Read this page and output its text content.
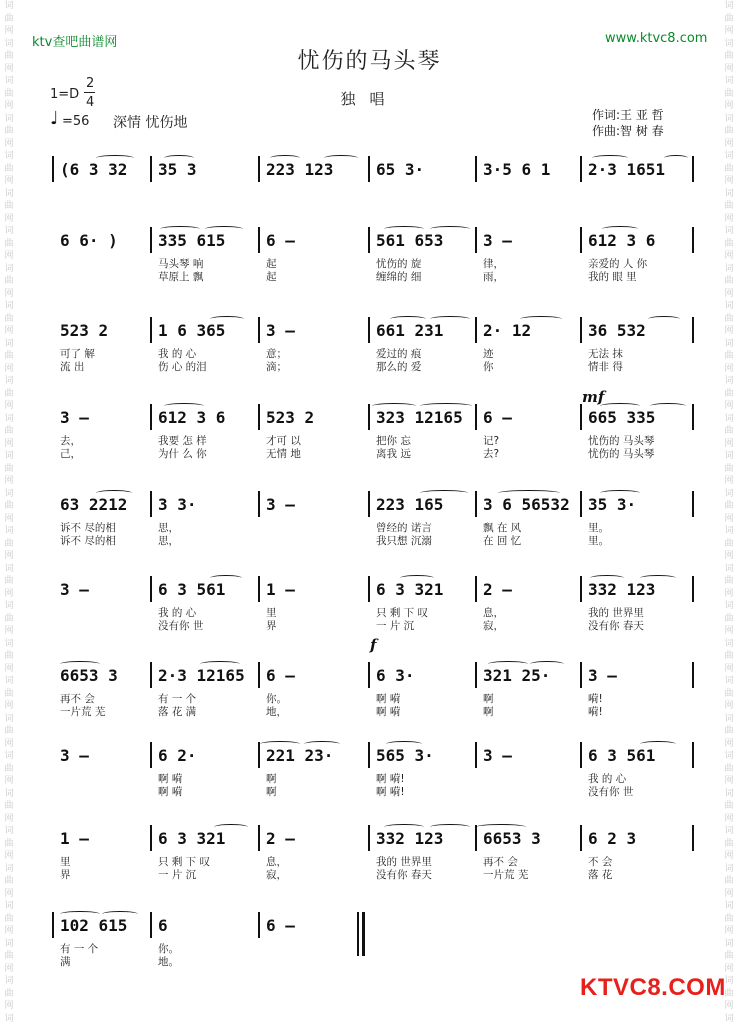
词
曲
网
词
曲
网
词
曲
网
词
曲
网
词
曲
网
词
曲
网
词
曲
网
词
曲
网
词
曲
网
词
曲
网
词
曲
网
词
曲
网
词
曲
网
词
曲
网
词
曲
网
词
曲
网
词
曲
网
词
曲
网
词
曲
网
词
曲
网
词
曲
网
词
曲
网
词
曲
网
词
曲
网
词
曲
网
词
曲
网
词
曲
网
词
词
曲
网
词
曲
网
词
曲
网
词
曲
网
词
曲
网
词
曲
网
词
曲
网
词
曲
网
词
曲
网
词
曲
网
词
曲
网
词
曲
网
词
曲
网
词
曲
网
词
曲
网
词
曲
网
词
曲
网
词
曲
网
词
曲
网
词
曲
网
词
曲
网
词
曲
网
词
曲
网
词
曲
网
词
曲
网
词
曲
网
词
曲
网
词
ktv查吧曲谱网	www.ktvc8.com
忧伤的马头琴
独唱
1=D
2
4
♩ =56 深情 忧伤地	作词:王 亚 哲
作曲:智 树 春
(6 3 32 35 3	223 123	65 3·	3·5 6 1 2·3 1651
6 6· )	335 615
马头琴 响
草原上 飘
6 –
起
起
561 653
忧伤的 旋
缠绵的 细
3 –
律，
雨，
612 3 6
亲爱的 人 你
我的 眼 里
523 2
可了 解
流 出
1 6 365
我 的 心
伤 心 的泪
3 –
意；
滴；
661 231
爱过的 痕
那么的 爱
2· 12
迹
你
36 532
无法 抹
情非 得
3 –
去，
己，
612 3 6
我要 怎 样
为什 么 你
523 2
才可 以
无情 地
323 12165
把你 忘
离我 远
6 –
记?
去?
665 335
忧伤的 马头琴
忧伤的 马头琴
63 2212
诉不 尽的相
诉不 尽的相
3 3·
思，
思，
3 –	223 165
曾经的 诺言
我只想 沉溺
3 6 56532
飘 在 风
在 回 忆
35 3·
里。
里。
3 –	6 3 561
我 的 心
没有你 世
1 –
里
界
6 3 321
只 剩 下 叹
一 片 沉
2 –
息，
寂，
332 123
我的 世界里
没有你 春天
6653 3
再不 会
一片荒 芜
2·3 12165
有 一 个
落 花 满
6 –
你。
地，
6 3·
啊 嗬
啊 嗬
321 25·
啊
啊
3 –
嗬!
嗬!
3 –	6 2·
啊 嗬
啊 嗬
221 23·
啊
啊
565 3·
啊 嗬!
啊 嗬!
3 –	6 3 561
我 的 心
没有你 世
1 –
里
界
6 3 321
只 剩 下 叹
一 片 沉
2 –
息，
寂，
332 123
我的 世界里
没有你 春天
6653 3
再不 会
一片荒 芜
6 2 3
不 会
落 花
102 615
有 一 个
满
6
你。
地。
6 –
mf
f
KTVC8.COM
